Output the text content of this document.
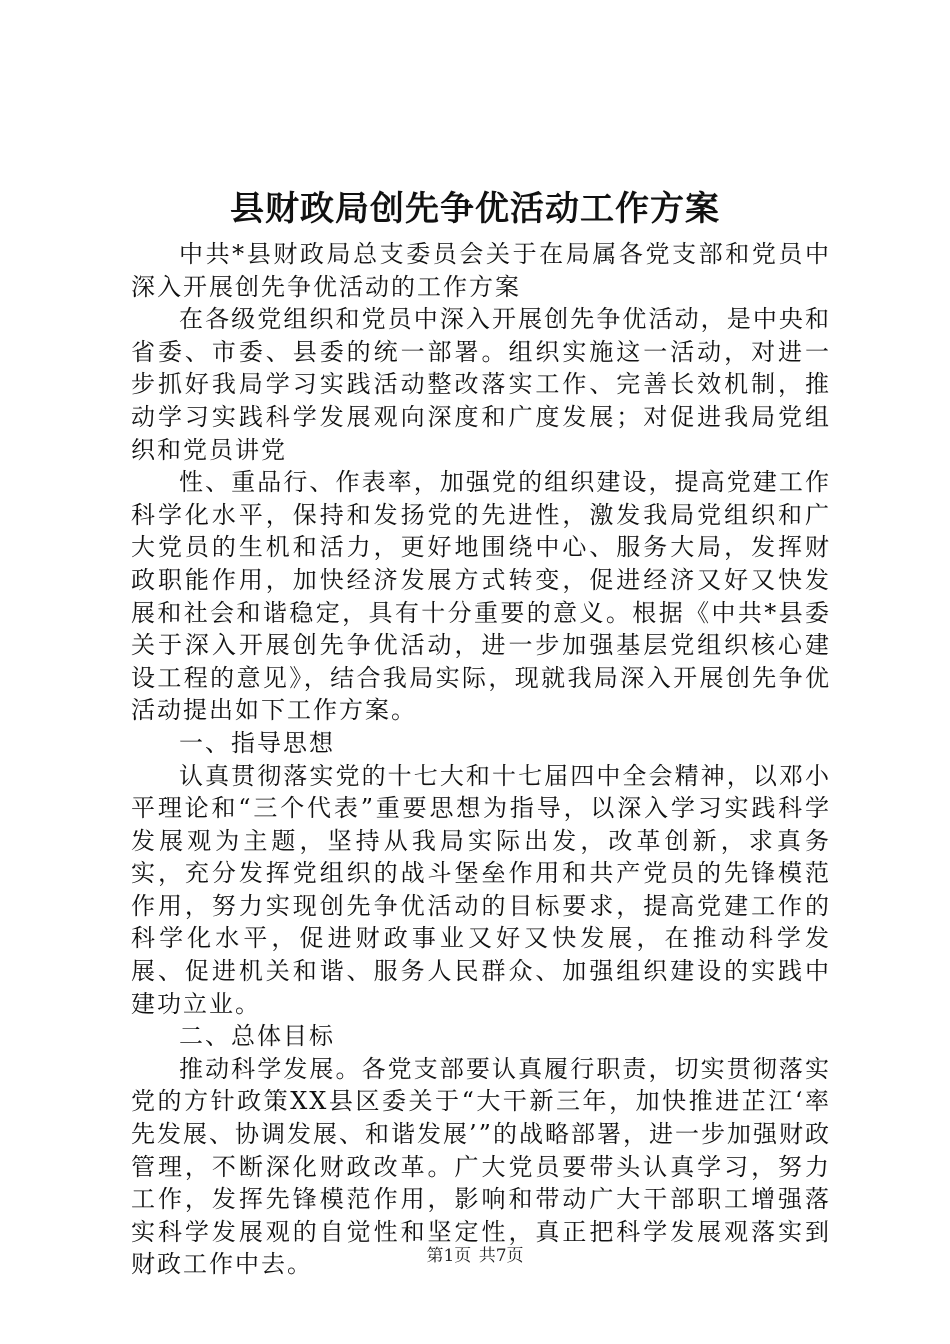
县财政局创先争优活动工作方案

中共*县财政局总支委员会关于在局属各党支部和党员中深入开展创先争优活动的工作方案

在各级党组织和党员中深入开展创先争优活动，是中央和省委、市委、县委的统一部署。组织实施这一活动，对进一步抓好我局学习实践活动整改落实工作、完善长效机制，推动学习实践科学发展观向深度和广度发展；对促进我局党组织和党员讲党

性、重品行、作表率，加强党的组织建设，提高党建工作科学化水平，保持和发扬党的先进性，激发我局党组织和广大党员的生机和活力，更好地围绕中心、服务大局，发挥财政职能作用，加快经济发展方式转变，促进经济又好又快发展和社会和谐稳定，具有十分重要的意义。根据《中共*县委关于深入开展创先争优活动，进一步加强基层党组织核心建设工程的意见》，结合我局实际，现就我局深入开展创先争优活动提出如下工作方案。

一、指导思想

认真贯彻落实党的十七大和十七届四中全会精神，以邓小平理论和“三个代表”重要思想为指导，以深入学习实践科学发展观为主题，坚持从我局实际出发，改革创新，求真务实，充分发挥党组织的战斗堡垒作用和共产党员的先锋模范作用，努力实现创先争优活动的目标要求，提高党建工作的科学化水平，促进财政事业又好又快发展，在推动科学发展、促进机关和谐、服务人民群众、加强组织建设的实践中建功立业。

二、总体目标

推动科学发展。各党支部要认真履行职责，切实贯彻落实党的方针政策XX县区委关于“大干新三年，加快推进芷江‘率先发展、协调发展、和谐发展’”的战略部署，进一步加强财政管理，不断深化财政改革。广大党员要带头认真学习，努力工作，发挥先锋模范作用，影响和带动广大干部职工增强落实科学发展观的自觉性和坚定性，真正把科学发展观落实到财政工作中去。	第1页 共7页
